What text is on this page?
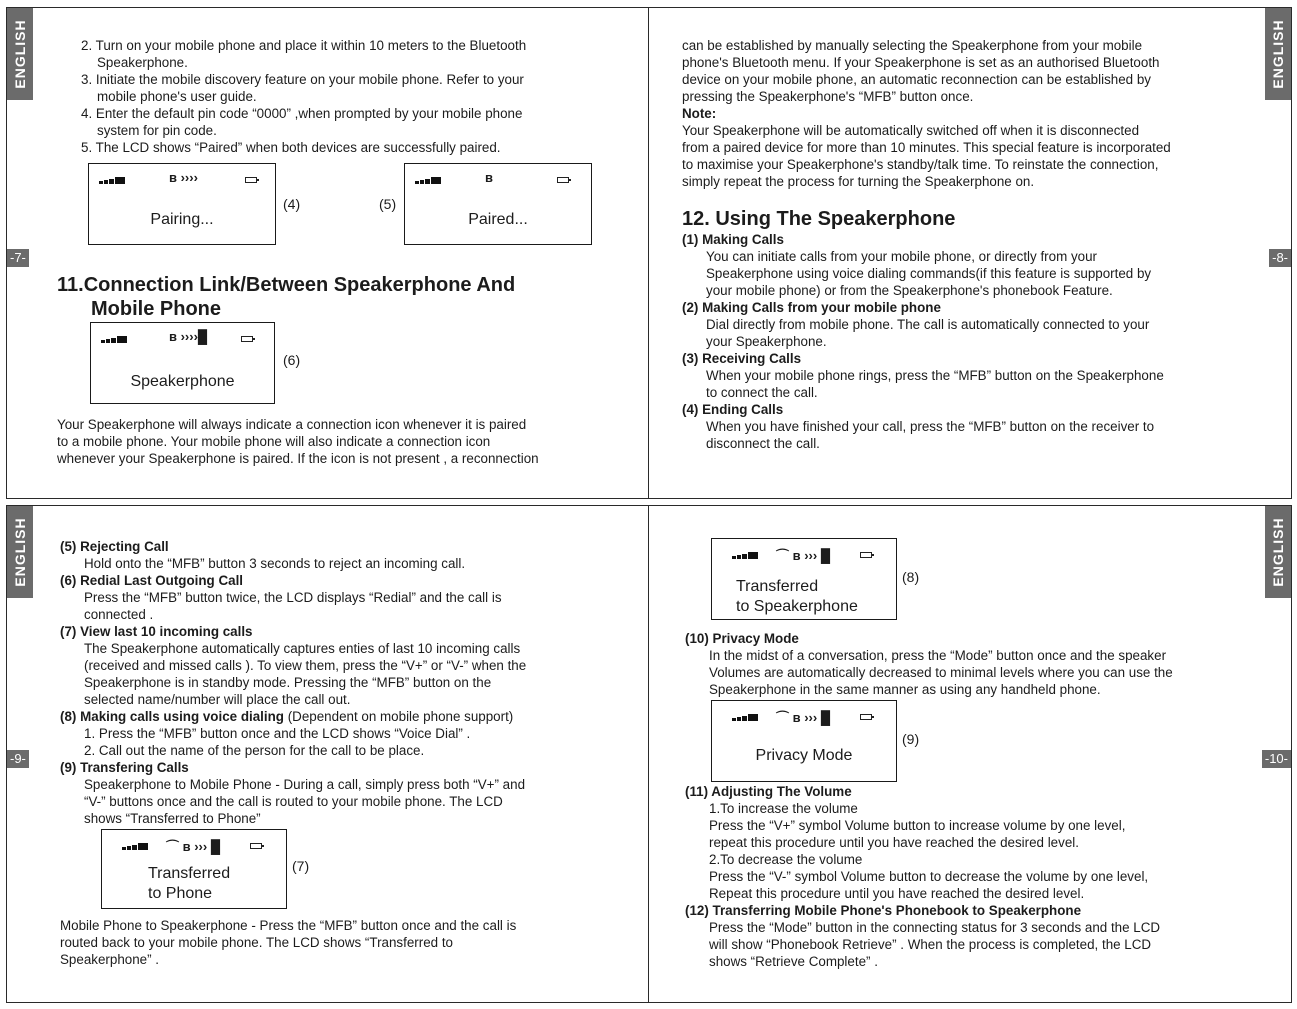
ENGLISH
-7-

2. Turn on your mobile phone and place it within 10 meters to the Bluetooth

Speakerphone.

3. Initiate the mobile discovery feature on your mobile phone. Refer to your

mobile phone's user guide.

4. Enter the default pin code “0000” ,when prompted by your mobile phone

system for pin code.

5. The LCD shows “Paired” when both devices are successfully paired.

ʙ ››››
Pairing...
(4)	(5)
ʙ
Paired...
11.Connection Link/Between Speakerphone And
Mobile Phone
ʙ ››››█
Speakerphone
(6)

Your Speakerphone will always indicate a connection icon whenever it is paired

to a mobile phone. Your mobile phone will also indicate a connection icon

whenever your Speakerphone is paired. If the icon is not present , a reconnection

ENGLISH
-8-

can be established by manually selecting the Speakerphone from your mobile

phone's Bluetooth menu. If your Speakerphone is set as an authorised Bluetooth

device on your mobile phone, an automatic reconnection can be established by

pressing the Speakerphone's “MFB” button once.

Note:

Your Speakerphone will be automatically switched off when it is disconnected

from a paired device for more than 10 minutes. This special feature is incorporated

to maximise your Speakerphone's standby/talk time. To reinstate the connection,

simply repeat the process for turning the Speakerphone on.

12. Using The Speakerphone

(1) Making Calls

You can initiate calls from your mobile phone, or directly from your

Speakerphone using voice dialing commands(if this feature is supported by

your mobile phone) or from the Speakerphone's phonebook Feature.

(2) Making Calls from your mobile phone

Dial directly from mobile phone. The call is automatically connected to your

your Speakerphone.

(3) Receiving Calls

When your mobile phone rings, press the “MFB” button on the Speakerphone

to connect the call.

(4) Ending Calls

When you have finished your call, press the “MFB” button on the receiver to

disconnect the call.

ENGLISH
-9-

(5) Rejecting Call

Hold onto the “MFB” button 3 seconds to reject an incoming call.

(6) Redial Last Outgoing Call

Press the “MFB” button twice, the LCD displays “Redial” and the call is

connected .

(7) View last 10 incoming calls

The Speakerphone automatically captures enties of last 10 incoming calls

(received and missed calls ). To view them, press the “V+” or “V-” when the

Speakerphone is in standby mode. Pressing the “MFB” button on the

selected name/number will place the call out.

(8) Making calls using voice dialing (Dependent on mobile phone support)

1. Press the “MFB” button once and the LCD shows “Voice Dial” .

2. Call out the name of the person for the call to be place.

(9) Transfering Calls

Speakerphone to Mobile Phone - During a call, simply press both “V+” and

“V-” buttons once and the call is routed to your mobile phone. The LCD

shows “Transferred to Phone”

⌒ ʙ ››› █
Transferred
to Phone
(7)

Mobile Phone to Speakerphone - Press the “MFB” button once and the call is

routed back to your mobile phone. The LCD shows “Transferred to

Speakerphone” .

ENGLISH
-10-
⌒ ʙ ››› █
Transferred
to Speakerphone
(8)

(10) Privacy Mode

In the midst of a conversation, press the “Mode” button once and the speaker

Volumes are automatically decreased to minimal levels where you can use the

Speakerphone in the same manner as using any handheld phone.

⌒ ʙ ››› █
Privacy Mode
(9)

(11) Adjusting The Volume

1.To increase the volume

Press the “V+” symbol Volume button to increase volume by one level,

repeat this procedure until you have reached the desired level.

2.To decrease the volume

Press the “V-” symbol Volume button to decrease the volume by one level,

Repeat this procedure until you have reached the desired level.

(12) Transferring Mobile Phone's Phonebook to Speakerphone

Press the “Mode” button in the connecting status for 3 seconds and the LCD

will show “Phonebook Retrieve” . When the process is completed, the LCD

shows “Retrieve Complete” .
